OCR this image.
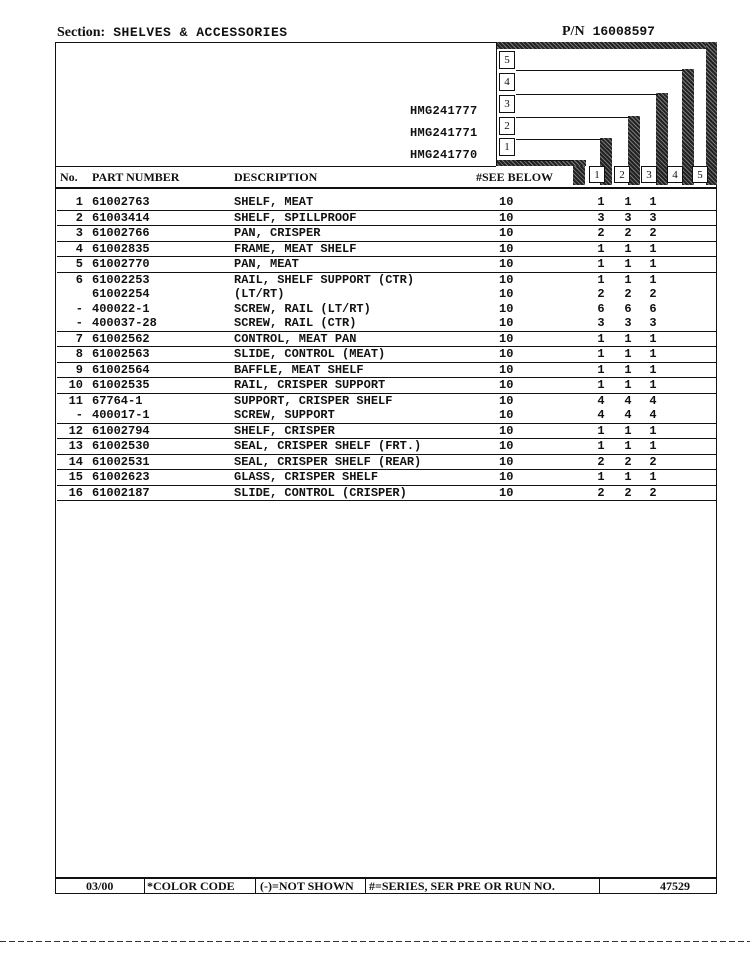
Section: SHELVES & ACCESSORIES	P/N 16008597
HMG241777
HMG241771
HMG241770
5
4
3
2
1
1	2	3	4	5
No. PART NUMBER	DESCRIPTION	#SEE BELOW
1 61002763	SHELF, MEAT	10	1 1 1
2 61003414	SHELF, SPILLPROOF	10	3 3 3
3 61002766	PAN, CRISPER	10	2 2 2
4 61002835	FRAME, MEAT SHELF	10	1 1 1
5 61002770	PAN, MEAT	10	1 1 1
6 61002253	RAIL, SHELF SUPPORT (CTR)	10	1 1 1
61002254	(LT/RT)	10	2 2 2
- 400022-1	SCREW, RAIL (LT/RT)	10	6 6 6
- 400037-28	SCREW, RAIL (CTR)	10	3 3 3
7 61002562	CONTROL, MEAT PAN	10	1 1 1
8 61002563	SLIDE, CONTROL (MEAT)	10	1 1 1
9 61002564	BAFFLE, MEAT SHELF	10	1 1 1
10 61002535	RAIL, CRISPER SUPPORT	10	1 1 1
11 67764-1	SUPPORT, CRISPER SHELF	10	4 4 4
- 400017-1	SCREW, SUPPORT	10	4 4 4
12 61002794	SHELF, CRISPER	10	1 1 1
13 61002530	SEAL, CRISPER SHELF (FRT.)	10	1 1 1
14 61002531	SEAL, CRISPER SHELF (REAR)	10	2 2 2
15 61002623	GLASS, CRISPER SHELF	10	1 1 1
16 61002187	SLIDE, CONTROL (CRISPER)	10	2 2 2
03/00	*COLOR CODE (-)=NOT SHOWN #=SERIES, SER PRE OR RUN NO.	47529
